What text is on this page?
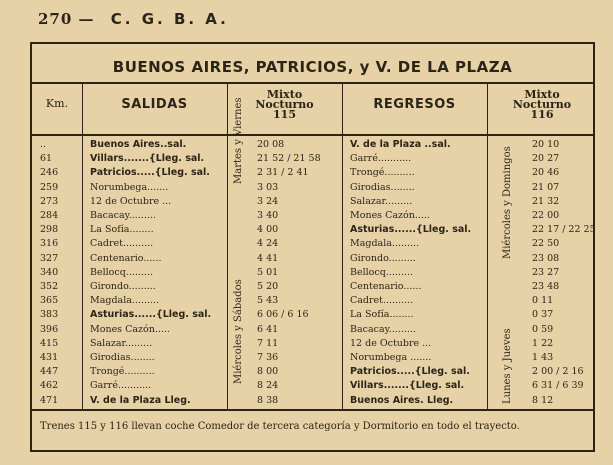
270 — C. G. B. A.
BUENOS AIRES, PATRICIOS, y V. DE LA PLAZA
Km.	SALIDAS
Mixto
Nocturno
115
REGRESOS
Mixto
Nocturno
116
..	Buenos Aires..sal.	20 08
61	Villars.......{Lleg. sal.	21 52 / 21 58
246	Patricios.....{Lleg. sal.	2 31 / 2 41
259	Norumbega.......	3 03
273	12 de Octubre ...	3 24
284	Bacacay.........	3 40
298	La Sofía........	4 00
316	Cadret..........	4 24
327	Centenario......	4 41
340	Bellocq.........	5 01
352	Girondo.........	5 20
365	Magdala.........	5 43
383	Asturias......{Lleg. sal.	6 06 / 6 16
396	Mones Cazón.....	6 41
415	Salazar.........	7 11
431	Girodias........	7 36
447	Trongé..........	8 00
462	Garré...........	8 24
471	V. de la Plaza Lleg.	8 38
V. de la Plaza ..sal.	20 10
Garré...........	20 27
Trongé..........	20 46
Girodias........	21 07
Salazar.........	21 32
Mones Cazón.....	22 00
Asturias......{Lleg. sal.	22 17 / 22 25
Magdala.........	22 50
Girondo.........	23 08
Bellocq.........	23 27
Centenario......	23 48
Cadret..........	0 11
La Sofía........	0 37
Bacacay.........	0 59
12 de Octubre ...	1 22
Norumbega .......	1 43
Patricios.....{Lleg. sal.	2 00 / 2 16
Villars.......{Lleg. sal.	6 31 / 6 39
Buenos Aires. Lleg.	8 12
Martes y Viernes
Miércoles y Sábados
Miércoles y Domingos
Lunes y Jueves
Trenes 115 y 116 llevan coche Comedor de tercera categoría y Dormitorio en todo el trayecto.
